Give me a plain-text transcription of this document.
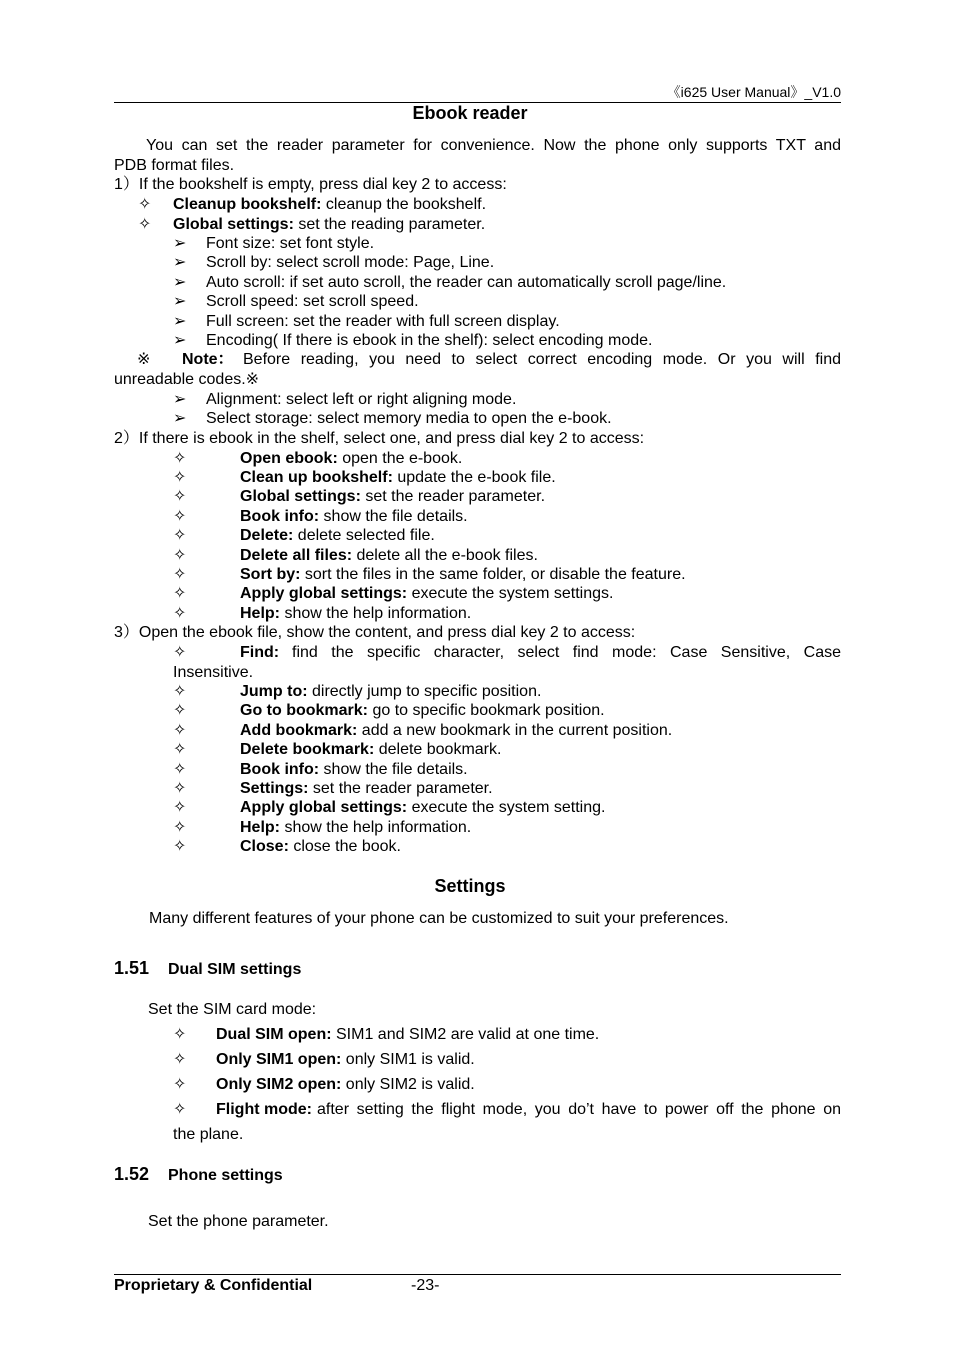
《i625 User Manual》_V1.0
Ebook reader
You can set the reader parameter for convenience. Now the phone only supports TXT and
PDB format files.
1）If the bookshelf is empty, press dial key 2 to access:
✧	Cleanup bookshelf: cleanup the bookshelf.
✧	Global settings: set the reading parameter.
➢	Font size: set font style.
➢	Scroll by: select scroll mode: Page, Line.
➢	Auto scroll: if set auto scroll, the reader can automatically scroll page/line.
➢	Scroll speed: set scroll speed.
➢	Full screen: set the reader with full screen display.
➢	Encoding( If there is ebook in the shelf): select encoding mode.
※ Note： Before reading, you need to select correct encoding mode. Or you will find
unreadable codes.※
➢	Alignment: select left or right aligning mode.
➢	Select storage: select memory media to open the e-book.
2）If there is ebook in the shelf, select one, and press dial key 2 to access:
✧	Open ebook: open the e-book.
✧	Clean up bookshelf: update the e-book file.
✧	Global settings: set the reader parameter.
✧	Book info: show the file details.
✧	Delete: delete selected file.
✧	Delete all files: delete all the e-book files.
✧	Sort by: sort the files in the same folder, or disable the feature.
✧	Apply global settings: execute the system settings.
✧	Help: show the help information.
3）Open the ebook file, show the content, and press dial key 2 to access:
✧	Find: find the specific character, select find mode: Case Sensitive, Case
Insensitive.
✧	Jump to: directly jump to specific position.
✧	Go to bookmark: go to specific bookmark position.
✧	Add bookmark: add a new bookmark in the current position.
✧	Delete bookmark: delete bookmark.
✧	Book info: show the file details.
✧	Settings: set the reader parameter.
✧	Apply global settings: execute the system setting.
✧	Help: show the help information.
✧	Close: close the book.
Settings
Many different features of your phone can be customized to suit your preferences.
1.51 Dual SIM settings
Set the SIM card mode:
✧	Dual SIM open: SIM1 and SIM2 are valid at one time.
✧	Only SIM1 open: only SIM1 is valid.
✧	Only SIM2 open: only SIM2 is valid.
✧	Flight mode: after setting the flight mode, you do’t have to power off the phone on
the plane.
1.52 Phone settings
Set the phone parameter.
Proprietary & Confidential	-23-
